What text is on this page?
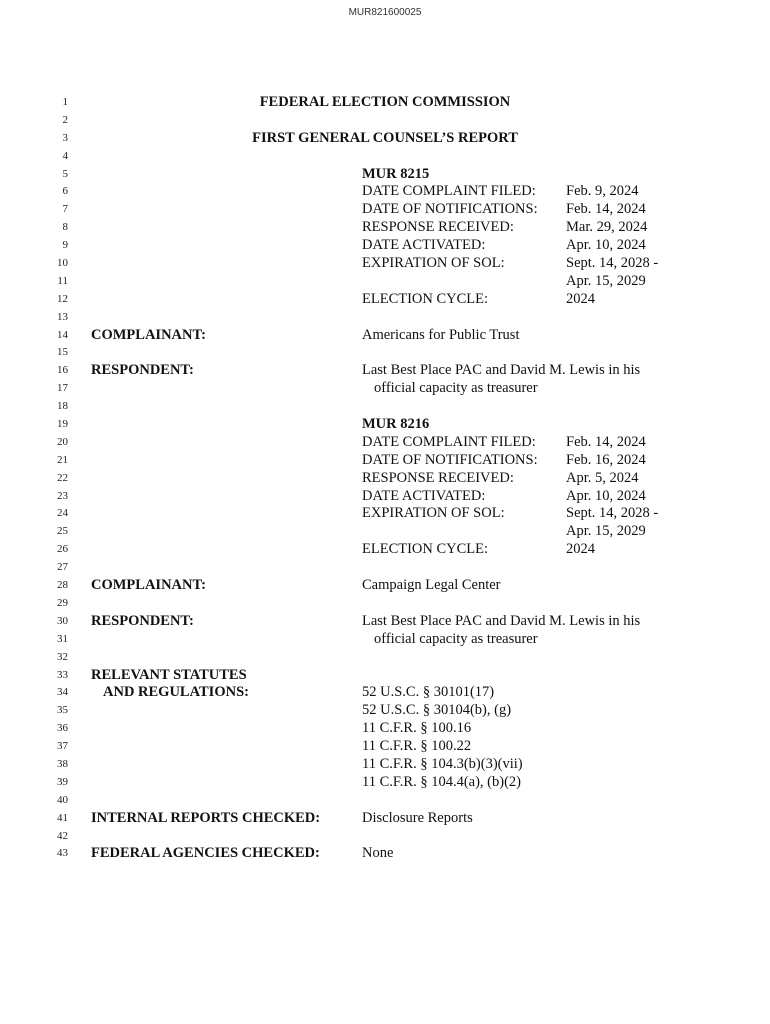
MUR821600025
1	FEDERAL ELECTION COMMISSION
2
3	FIRST GENERAL COUNSEL’S REPORT
4
5	MUR 8215
6	DATE COMPLAINT FILED: Feb. 9, 2024
7	DATE OF NOTIFICATIONS: Feb. 14, 2024
8	RESPONSE RECEIVED:	Mar. 29, 2024
9	DATE ACTIVATED:	Apr. 10, 2024
10	EXPIRATION OF SOL:	Sept. 14, 2028 -
11	Apr. 15, 2029
12	ELECTION CYCLE:	2024
13
14 COMPLAINANT:	Americans for Public Trust
15
16 RESPONDENT:	Last Best Place PAC and David M. Lewis in his
17	official capacity as treasurer
18
19	MUR 8216
20	DATE COMPLAINT FILED: Feb. 14, 2024
21	DATE OF NOTIFICATIONS: Feb. 16, 2024
22	RESPONSE RECEIVED:	Apr. 5, 2024
23	DATE ACTIVATED:	Apr. 10, 2024
24	EXPIRATION OF SOL:	Sept. 14, 2028 -
25	Apr. 15, 2029
26	ELECTION CYCLE:	2024
27
28 COMPLAINANT:	Campaign Legal Center
29
30 RESPONDENT:	Last Best Place PAC and David M. Lewis in his
31	official capacity as treasurer
32
33 RELEVANT STATUTES
34 AND REGULATIONS:	52 U.S.C. § 30101(17)
35	52 U.S.C. § 30104(b), (g)
36	11 C.F.R. § 100.16
37	11 C.F.R. § 100.22
38	11 C.F.R. § 104.3(b)(3)(vii)
39	11 C.F.R. § 104.4(a), (b)(2)
40
41 INTERNAL REPORTS CHECKED:	Disclosure Reports
42
43 FEDERAL AGENCIES CHECKED:	None
